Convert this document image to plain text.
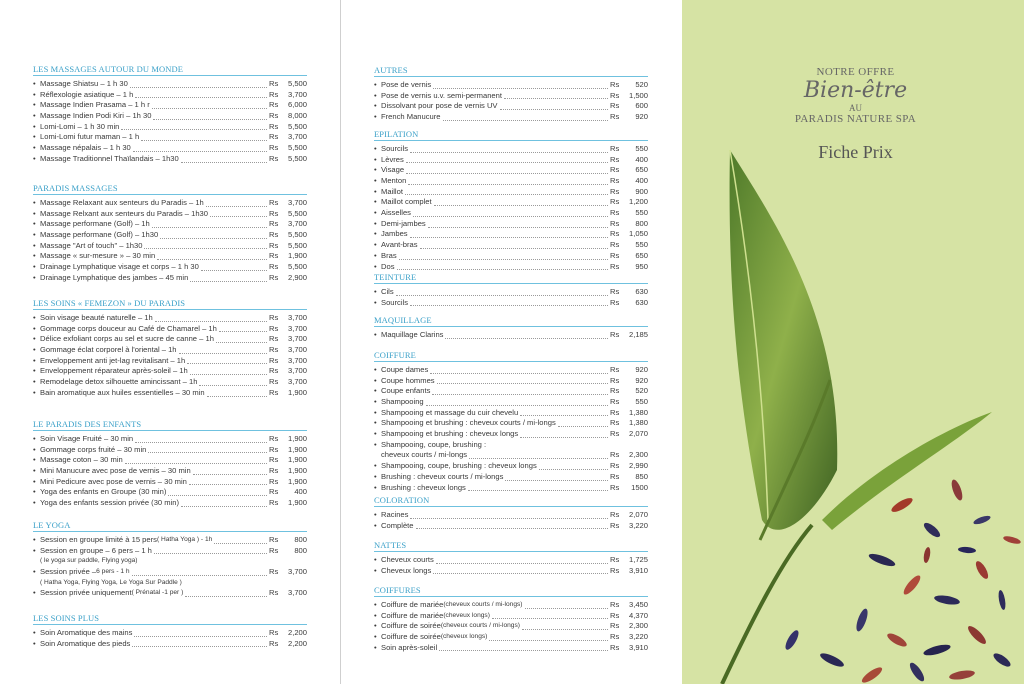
LES MASSAGES AUTOUR DU MONDE
• Massage Shiatsu – 1 h 30	Rs	5,500
• Réflexologie asiatique – 1 h	Rs	3,700
• Massage Indien Prasama – 1 h r	Rs	6,000
• Massage Indien Podi Kiri – 1h 30	Rs	8,000
• Lomi-Lomi – 1 h 30 min	Rs	5,500
• Lomi-Lomi futur maman – 1 h	Rs	3,700
• Massage népalais – 1 h 30	Rs	5,500
• Massage Traditionnel Thaïlandais – 1h30	Rs	5,500
PARADIS MASSAGES
• Massage Relaxant aux senteurs du Paradis – 1h	Rs	3,700
• Massage Relxant aux senteurs du Paradis – 1h30	Rs	5,500
• Massage performane (Golf) – 1h	Rs	3,700
• Massage performane (Golf) – 1h30	Rs	5,500
• Massage "Art of touch" – 1h30	Rs	5,500
• Massage « sur-mesure » – 30 min	Rs	1,900
• Drainage Lymphatique visage et corps – 1 h 30	Rs	5,500
• Drainage Lymphatique des jambes – 45 min	Rs	2,900
LES SOINS « FEMEZON » DU PARADIS
• Soin visage beauté naturelle – 1h	Rs	3,700
• Gommage corps douceur au Café de Chamarel – 1h	Rs	3,700
• Délice exfoliant corps au sel et sucre de canne – 1h	Rs	3,700
• Gommage éclat corporel à l'oriental – 1h	Rs	3,700
• Enveloppement anti jet-lag revitalisant – 1h	Rs	3,700
• Enveloppement réparateur après-soleil – 1h	Rs	3,700
• Remodelage detox silhouette amincissant – 1h	Rs	3,700
• Bain aromatique aux huiles essentielles – 30 min	Rs	1,900
LE PARADIS DES ENFANTS
• Soin Visage Fruité – 30 min	Rs	1,900
• Gommage corps fruité – 30 min	Rs	1,900
• Massage coton – 30 min	Rs	1,900
• Mini Manucure avec pose de vernis – 30 min	Rs	1,900
• Mini Pedicure avec pose de vernis – 30 min	Rs	1,900
• Yoga des enfants en Groupe (30 min)	Rs	400
• Yoga des enfants session privée (30 min)	Rs	1,900
LE YOGA
• Session en groupe limité à 15 pers ( Hatha Yoga ) - 1h	Rs	800
• Session en groupe – 6 pers – 1 h	Rs	800
( le yoga sur paddle, Flying yoga)
• Session privée – 6 pers - 1 h	Rs	3,700
( Hatha Yoga, Flying Yoga, Le Yoga Sur Paddle )
• Session privée uniquement ( Prénatal -1 per )	Rs	3,700
LES SOINS PLUS
• Soin Aromatique des mains	Rs	2,200
• Soin Aromatique des pieds	Rs	2,200
AUTRES
• Pose de vernis	Rs	520
• Pose de vernis u.v. semi-permanent	Rs	1,500
• Dissolvant pour pose de vernis UV	Rs	600
• French Manucure	Rs	920
EPILATION
• Sourcils	Rs	550
• Lèvres	Rs	400
• Visage	Rs	650
• Menton	Rs	400
• Maillot	Rs	900
• Maillot complet	Rs	1,200
• Aisselles	Rs	550
• Demi-jambes	Rs	800
• Jambes	Rs	1,050
• Avant-bras	Rs	550
• Bras	Rs	650
• Dos	Rs	950
TEINTURE
• Cils	Rs	630
• Sourcils	Rs	630
MAQUILLAGE
• Maquillage Clarins	Rs	2,185
COIFFURE
• Coupe dames	Rs	920
• Coupe hommes	Rs	920
• Coupe enfants	Rs	520
• Shampooing	Rs	550
• Shampooing et massage du cuir chevelu	Rs	1,380
• Shampooing et brushing : cheveux courts / mi-longs	Rs	1,380
• Shampooing et brushing : cheveux longs	Rs	2,070
• Shampooing, coupe, brushing :
cheveux courts / mi-longs	Rs	2,300
• Shampooing, coupe, brushing : cheveux longs	Rs	2,990
• Brushing : cheveux courts / mi-longs	Rs	850
• Brushing : cheveux longs	Rs	1500
COLORATION
• Racines	Rs	2,070
• Complète	Rs	3,220
NATTES
• Cheveux courts	Rs	1,725
• Cheveux longs	Rs	3,910
COIFFURES
• Coiffure de mariée (cheveux courts / mi-longs)	Rs	3,450
• Coiffure de mariée (cheveux longs)	Rs	4,370
• Coiffure de soirée (cheveux courts / mi-longs)	Rs	2,300
• Coiffure de soirée (cheveux longs)	Rs	3,220
• Soin après-soleil	Rs	3,910
NOTRE OFFRE
Bien-être
AU
PARADIS NATURE SPA
Fiche Prix
